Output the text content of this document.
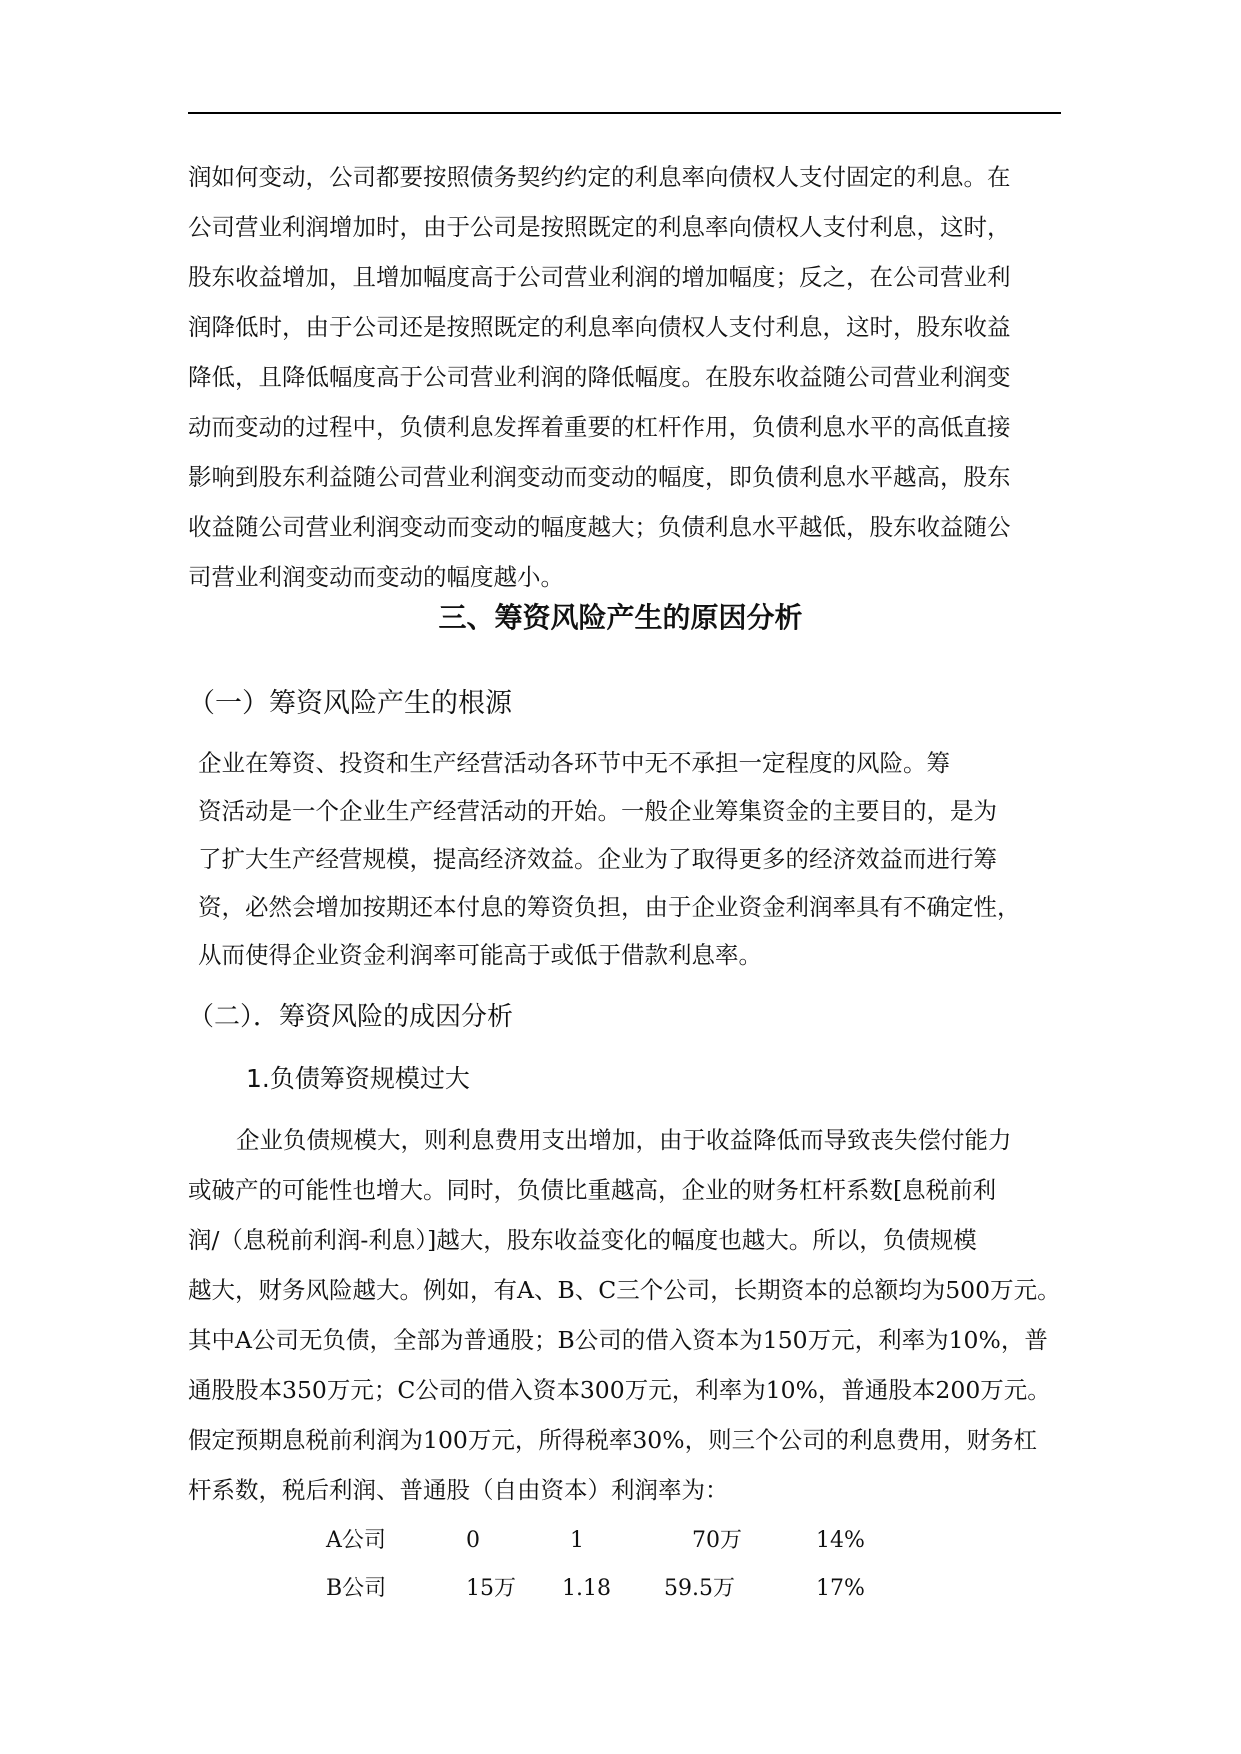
润如何变动，公司都要按照债务契约约定的利息率向债权人支付固定的利息。在
公司营业利润增加时，由于公司是按照既定的利息率向债权人支付利息，这时，
股东收益增加，且增加幅度高于公司营业利润的增加幅度；反之，在公司营业利
润降低时，由于公司还是按照既定的利息率向债权人支付利息，这时，股东收益
降低，且降低幅度高于公司营业利润的降低幅度。在股东收益随公司营业利润变
动而变动的过程中，负债利息发挥着重要的杠杆作用，负债利息水平的高低直接
影响到股东利益随公司营业利润变动而变动的幅度，即负债利息水平越高，股东
收益随公司营业利润变动而变动的幅度越大；负债利息水平越低，股东收益随公
司营业利润变动而变动的幅度越小。
三、筹资风险产生的原因分析
（一）筹资风险产生的根源
企业在筹资、投资和生产经营活动各环节中无不承担一定程度的风险。筹
资活动是一个企业生产经营活动的开始。一般企业筹集资金的主要目的，是为
了扩大生产经营规模，提高经济效益。企业为了取得更多的经济效益而进行筹
资，必然会增加按期还本付息的筹资负担，由于企业资金利润率具有不确定性，
从而使得企业资金利润率可能高于或低于借款利息率。
（二）．筹资风险的成因分析
1.负债筹资规模过大
企业负债规模大，则利息费用支出增加，由于收益降低而导致丧失偿付能力
或破产的可能性也增大。同时，负债比重越高，企业的财务杠杆系数[息税前利
润/（息税前利润-利息）]越大，股东收益变化的幅度也越大。所以，负债规模
越大，财务风险越大。例如，有A、B、C三个公司，长期资本的总额均为500万元。
其中A公司无负债，全部为普通股；B公司的借入资本为150万元，利率为10%，普
通股股本350万元；C公司的借入资本300万元，利率为10%，普通股本200万元。
假定预期息税前利润为100万元，所得税率30%，则三个公司的利息费用，财务杠
杆系数，税后利润、普通股（自由资本）利润率为：
A公司	0	1	70万	14%
B公司	15万 1.18 59.5万	17%
